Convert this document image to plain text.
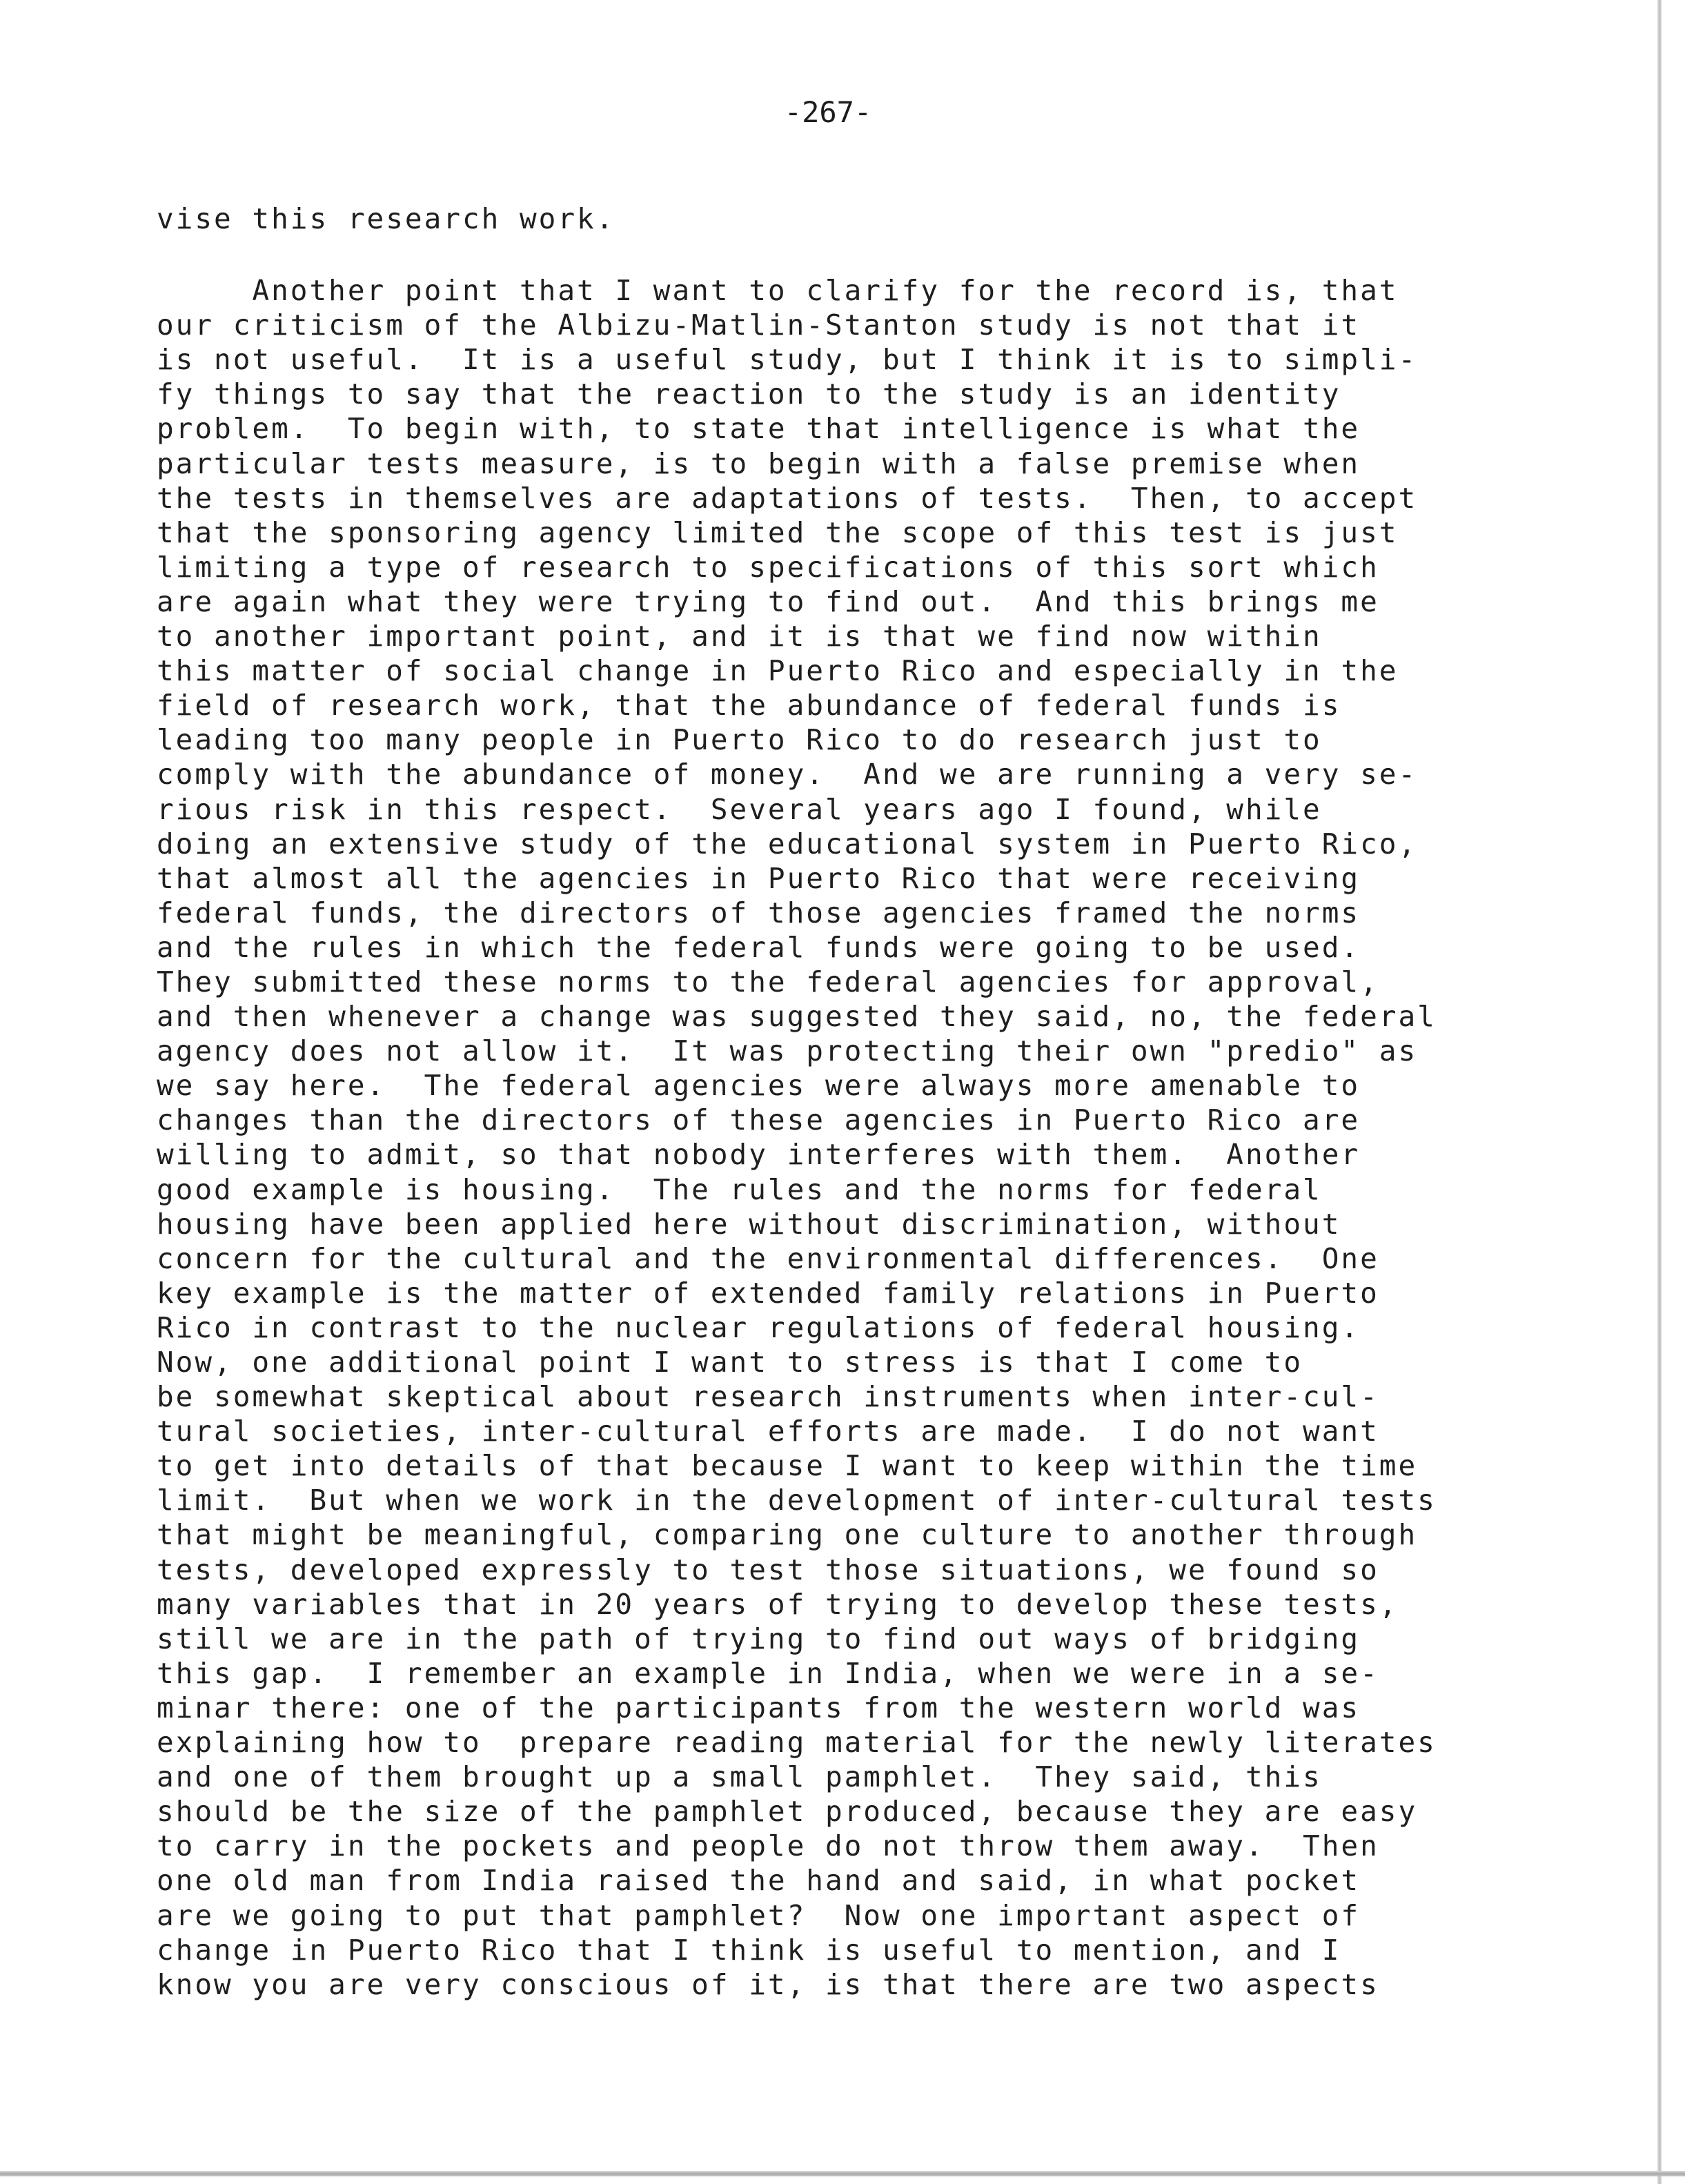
-267-
vise this research work.
Another point that I want to clarify for the record is, that
our criticism of the Albizu-Matlin-Stanton study is not that it
is not useful.  It is a useful study, but I think it is to simpli-
fy things to say that the reaction to the study is an identity
problem.  To begin with, to state that intelligence is what the
particular tests measure, is to begin with a false premise when
the tests in themselves are adaptations of tests.  Then, to accept
that the sponsoring agency limited the scope of this test is just
limiting a type of research to specifications of this sort which
are again what they were trying to find out.  And this brings me
to another important point, and it is that we find now within
this matter of social change in Puerto Rico and especially in the
field of research work, that the abundance of federal funds is
leading too many people in Puerto Rico to do research just to
comply with the abundance of money.  And we are running a very se-
rious risk in this respect.  Several years ago I found, while
doing an extensive study of the educational system in Puerto Rico,
that almost all the agencies in Puerto Rico that were receiving
federal funds, the directors of those agencies framed the norms
and the rules in which the federal funds were going to be used.
They submitted these norms to the federal agencies for approval,
and then whenever a change was suggested they said, no, the federal
agency does not allow it.  It was protecting their own "predio" as
we say here.  The federal agencies were always more amenable to
changes than the directors of these agencies in Puerto Rico are
willing to admit, so that nobody interferes with them.  Another
good example is housing.  The rules and the norms for federal
housing have been applied here without discrimination, without
concern for the cultural and the environmental differences.  One
key example is the matter of extended family relations in Puerto
Rico in contrast to the nuclear regulations of federal housing.
Now, one additional point I want to stress is that I come to
be somewhat skeptical about research instruments when inter-cul-
tural societies, inter-cultural efforts are made.  I do not want
to get into details of that because I want to keep within the time
limit.  But when we work in the development of inter-cultural tests
that might be meaningful, comparing one culture to another through
tests, developed expressly to test those situations, we found so
many variables that in 20 years of trying to develop these tests,
still we are in the path of trying to find out ways of bridging
this gap.  I remember an example in India, when we were in a se-
minar there: one of the participants from the western world was
explaining how to  prepare reading material for the newly literates
and one of them brought up a small pamphlet.  They said, this
should be the size of the pamphlet produced, because they are easy
to carry in the pockets and people do not throw them away.  Then
one old man from India raised the hand and said, in what pocket
are we going to put that pamphlet?  Now one important aspect of
change in Puerto Rico that I think is useful to mention, and I
know you are very conscious of it, is that there are two aspects
